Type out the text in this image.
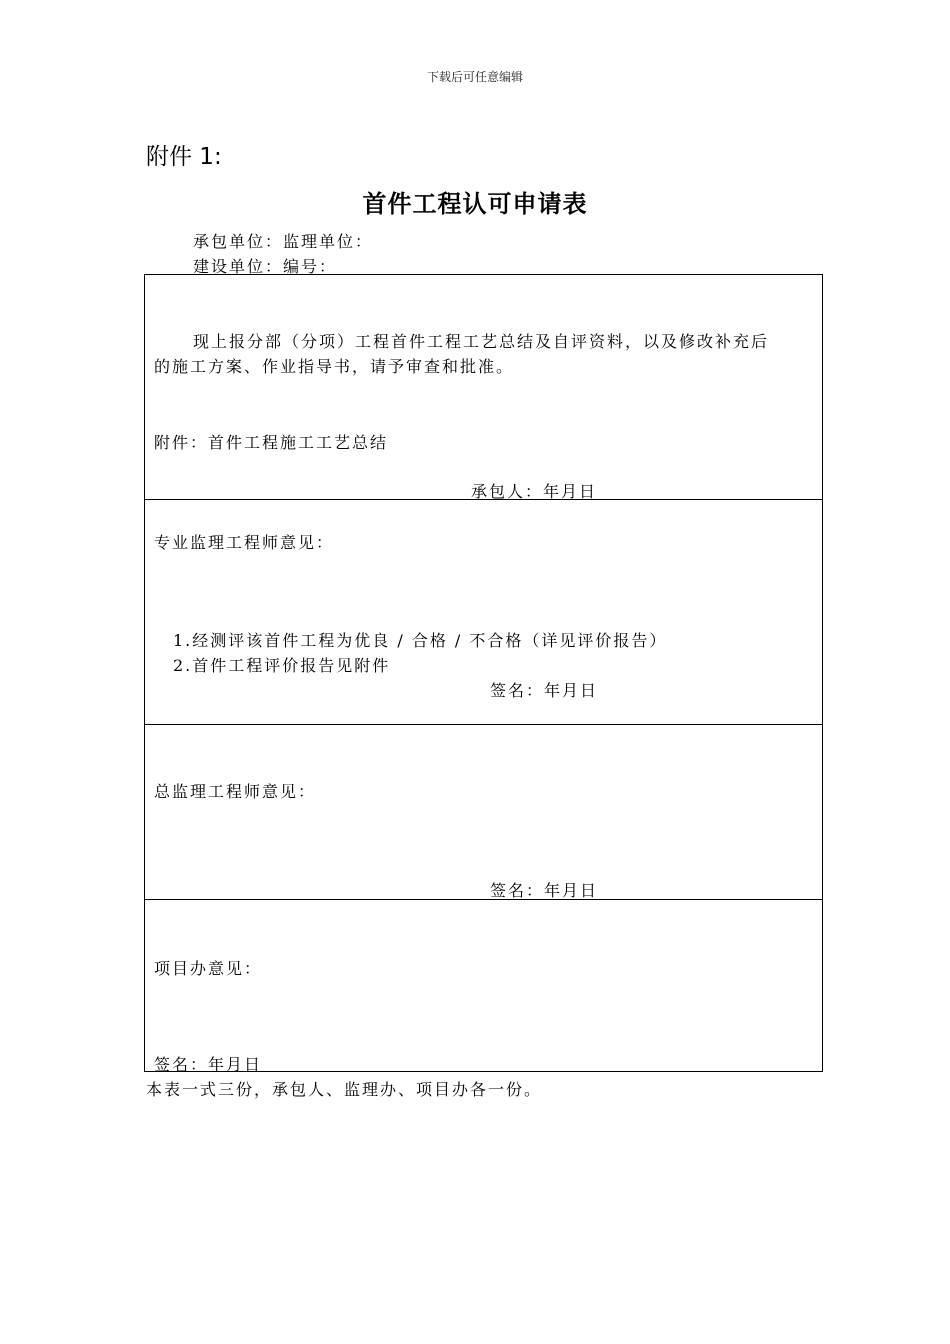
下载后可任意编辑
附件 1:
首件工程认可申请表
承包单位：监理单位：
建设单位：编号：
现上报分部（分项）工程首件工程工艺总结及自评资料，以及修改补充后
的施工方案、作业指导书，请予审查和批准。
附件：首件工程施工工艺总结
承包人：年月日
专业监理工程师意见：
1.经测评该首件工程为优良 / 合格 / 不合格（详见评价报告）
2.首件工程评价报告见附件
签名：年月日
总监理工程师意见：
签名：年月日
项目办意见：
签名：年月日
本表一式三份，承包人、监理办、项目办各一份。
